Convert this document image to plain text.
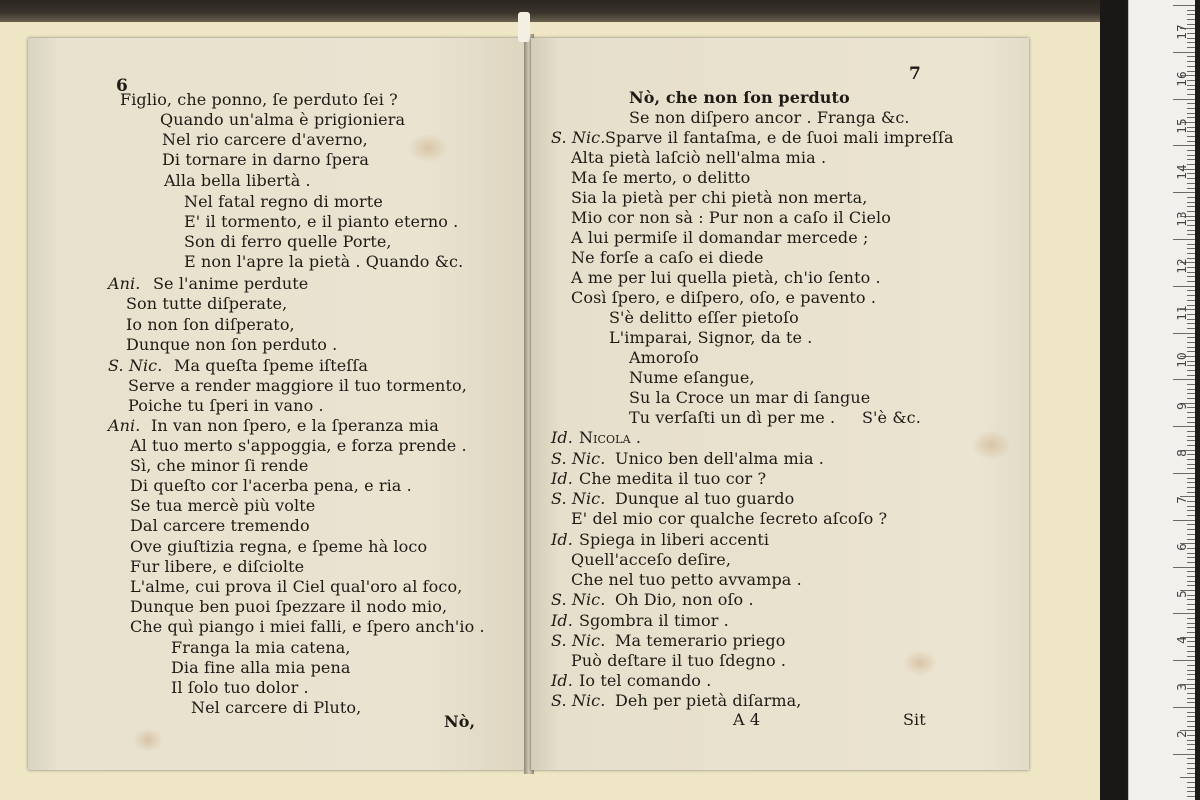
6
Figlio, che ponno, ſe perduto ſei ?
Quando un'alma è prigioniera
Nel rio carcere d'averno,
Di tornare in darno ſpera
Alla bella libertà .
Nel fatal regno di morte
E' il tormento, e il pianto eterno .
Son di ferro quelle Porte,
E non l'apre la pietà . Quando &c.
Ani. Se l'anime perdute
Son tutte diſperate,
Io non ſon diſperato,
Dunque non ſon perduto .
S. Nic. Ma queſta ſpeme iſteſſa
Serve a render maggiore il tuo tormento,
Poiche tu ſperi in vano .
Ani. In van non ſpero, e la ſperanza mia
Al tuo merto s'appoggia, e forza prende .
Sì, che minor ſi rende
Di queſto cor l'acerba pena, e ria .
Se tua mercè più volte
Dal carcere tremendo
Ove giuſtizia regna, e ſpeme hà loco
Fur libere, e diſciolte
L'alme, cui prova il Ciel qual'oro al foco,
Dunque ben puoi ſpezzare il nodo mio,
Che quì piango i miei falli, e ſpero anch'io .
Franga la mia catena,
Dia fine alla mia pena
Il ſolo tuo dolor .
Nel carcere di Pluto,
Nò,
7
Nò, che non ſon perduto
Se non diſpero ancor . Franga &c.
S. Nic. Sparve il fantaſma, e de ſuoi mali impreſſa
Alta pietà laſciò nell'alma mia .
Ma ſe merto, o delitto
Sia la pietà per chi pietà non merta,
Mio cor non sà : Pur non a caſo il Cielo
A lui permiſe il domandar mercede ;
Ne forſe a caſo ei diede
A me per lui quella pietà, ch'io ſento .
Così ſpero, e diſpero, oſo, e pavento .
S'è delitto eſſer pietoſo
L'imparai, Signor, da te .
Amoroſo
Nume eſangue,
Su la Croce un mar di ſangue
Tu verſaſti un dì per me . S'è &c.
Id. Nicola .
S. Nic. Unico ben dell'alma mia .
Id. Che medita il tuo cor ?
S. Nic. Dunque al tuo guardo
E' del mio cor qualche ſecreto aſcoſo ?
Id. Spiega in liberi accenti
Quell'acceſo deſire,
Che nel tuo petto avvampa .
S. Nic. Oh Dio, non oſo .
Id. Sgombra il timor .
S. Nic. Ma temerario priego
Può deſtare il tuo ſdegno .
Id. Io tel comando .
S. Nic. Deh per pietà diſarma,
A 4	Sit
17
16
15
14
13
12
11
10
9
8
7
6
5
4
3
2
